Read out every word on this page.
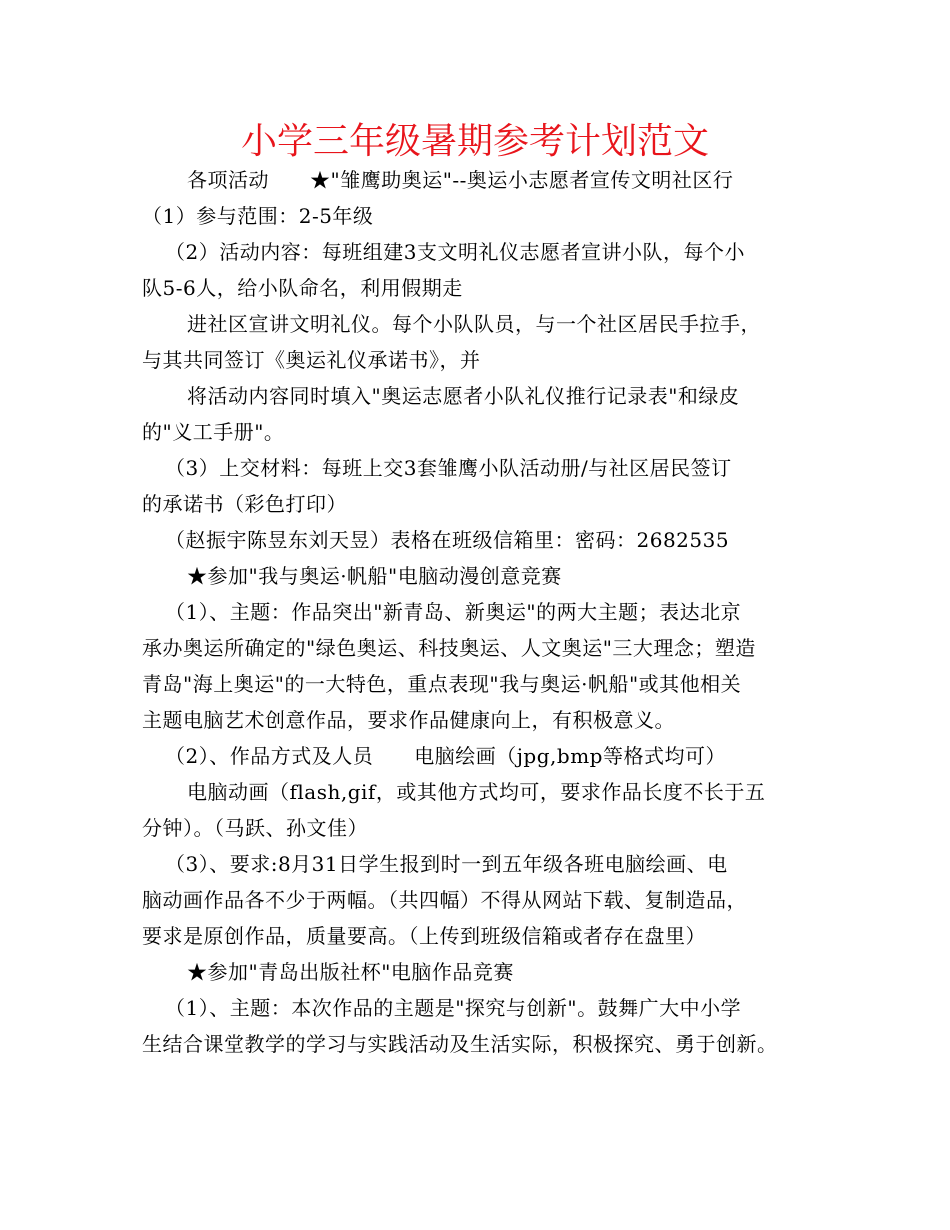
小学三年级暑期参考计划范文
各项活动　　★"雏鹰助奥运"--奥运小志愿者宣传文明社区行
（1）参与范围：2-5年级
（2）活动内容：每班组建3支文明礼仪志愿者宣讲小队，每个小
队5-6人，给小队命名，利用假期走
进社区宣讲文明礼仪。每个小队队员，与一个社区居民手拉手，
与其共同签订《奥运礼仪承诺书》，并
将活动内容同时填入"奥运志愿者小队礼仪推行记录表"和绿皮
的"义工手册"。
（3）上交材料：每班上交3套雏鹰小队活动册/与社区居民签订
的承诺书（彩色打印）
（赵振宇陈昱东刘天昱）表格在班级信箱里：密码：2682535
★参加"我与奥运·帆船"电脑动漫创意竞赛
（1）、主题：作品突出"新青岛、新奥运"的两大主题；表达北京
承办奥运所确定的"绿色奥运、科技奥运、人文奥运"三大理念；塑造
青岛"海上奥运"的一大特色，重点表现"我与奥运·帆船"或其他相关
主题电脑艺术创意作品，要求作品健康向上，有积极意义。
（2）、作品方式及人员　　电脑绘画（jpg,bmp等格式均可）
电脑动画（flash,gif，或其他方式均可，要求作品长度不长于五
分钟）。（马跃、孙文佳）
（3）、要求:8月31日学生报到时一到五年级各班电脑绘画、电
脑动画作品各不少于两幅。（共四幅）不得从网站下载、复制造品，
要求是原创作品，质量要高。（上传到班级信箱或者存在盘里）
★参加"青岛出版社杯"电脑作品竞赛
（1）、主题：本次作品的主题是"探究与创新"。鼓舞广大中小学
生结合课堂教学的学习与实践活动及生活实际，积极探究、勇于创新。
